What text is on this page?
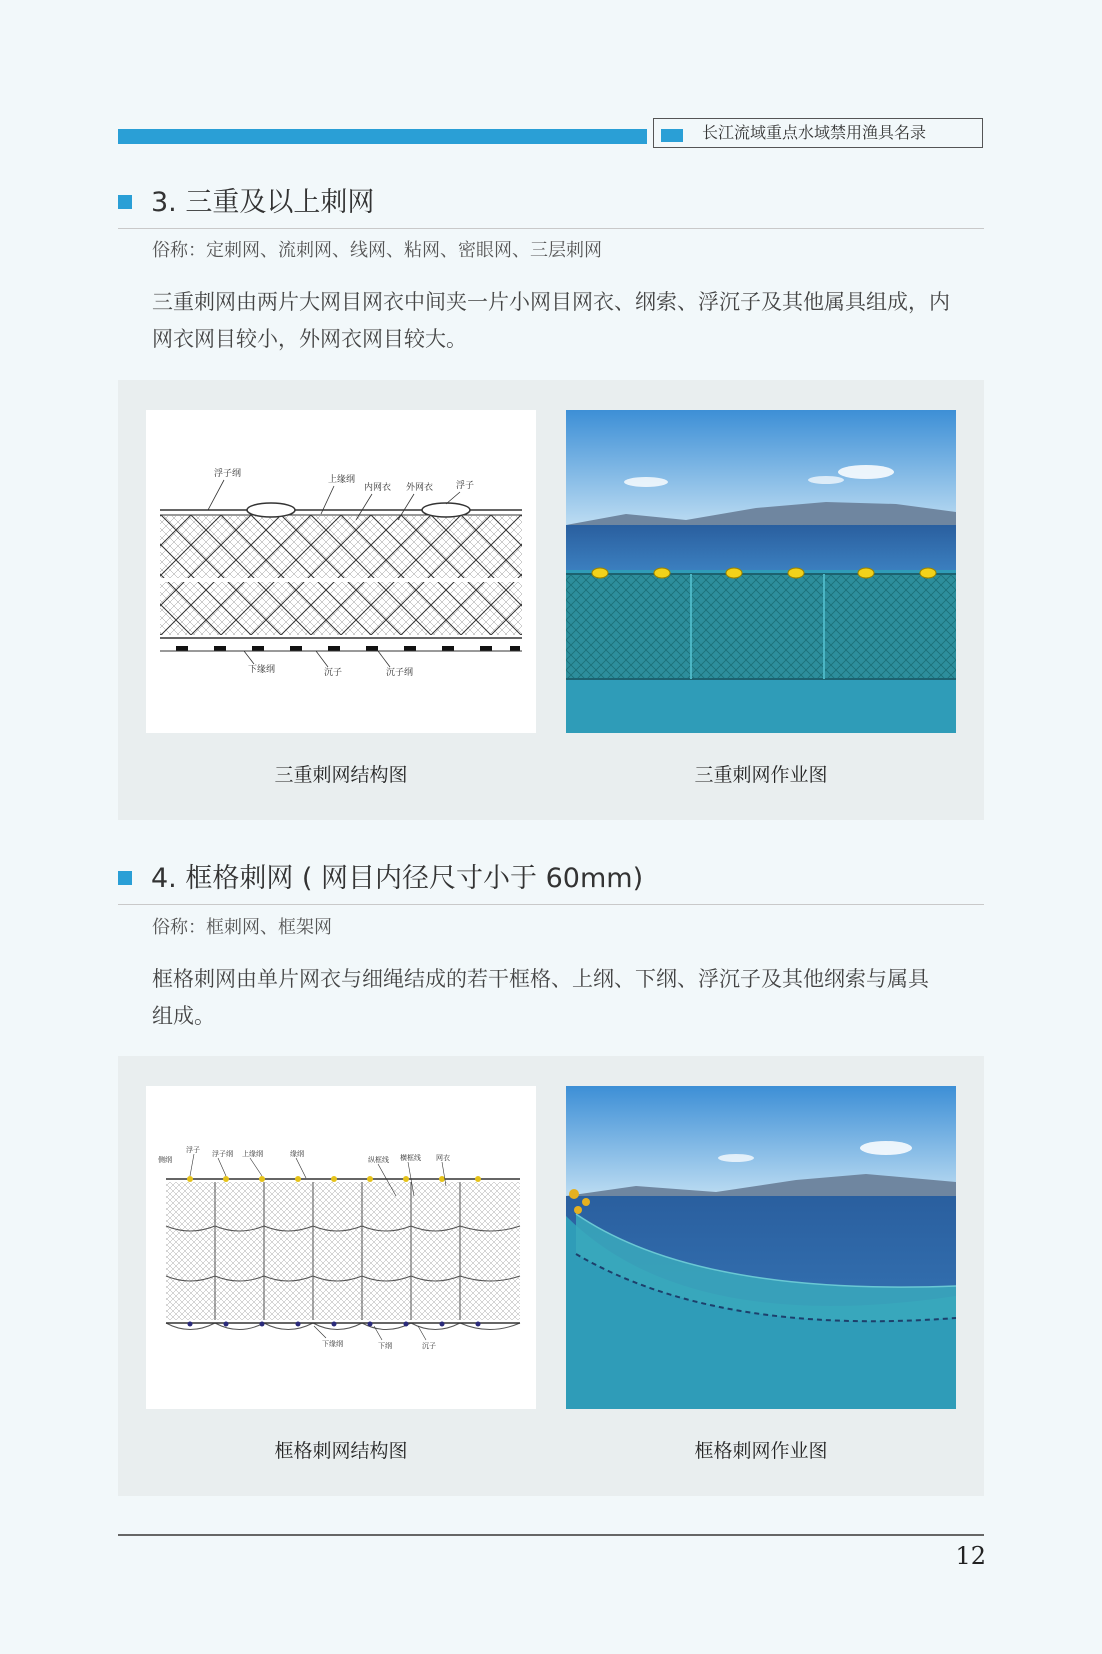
长江流域重点水域禁用渔具名录
3. 三重及以上刺网
俗称：定刺网、流刺网、线网、粘网、密眼网、三层刺网
三重刺网由两片大网目网衣中间夹一片小网目网衣、纲索、浮沉子及其他属具组成，内
网衣网目较小，外网衣网目较大。
浮子纲
上缘纲
内网衣 外网衣	浮子
下缘纲	沉子	沉子纲
三重刺网结构图	三重刺网作业图
4. 框格刺网 ( 网目内径尺寸小于 60mm)
俗称：框刺网、框架网
框格刺网由单片网衣与细绳结成的若干框格、上纲、下纲、浮沉子及其他纲索与属具
组成。
侧纲
浮子 浮子纲 上缘纲	缘纲
纵框线 横框线 网衣
下缘纲	下纲	沉子
框格刺网结构图	框格刺网作业图
12
